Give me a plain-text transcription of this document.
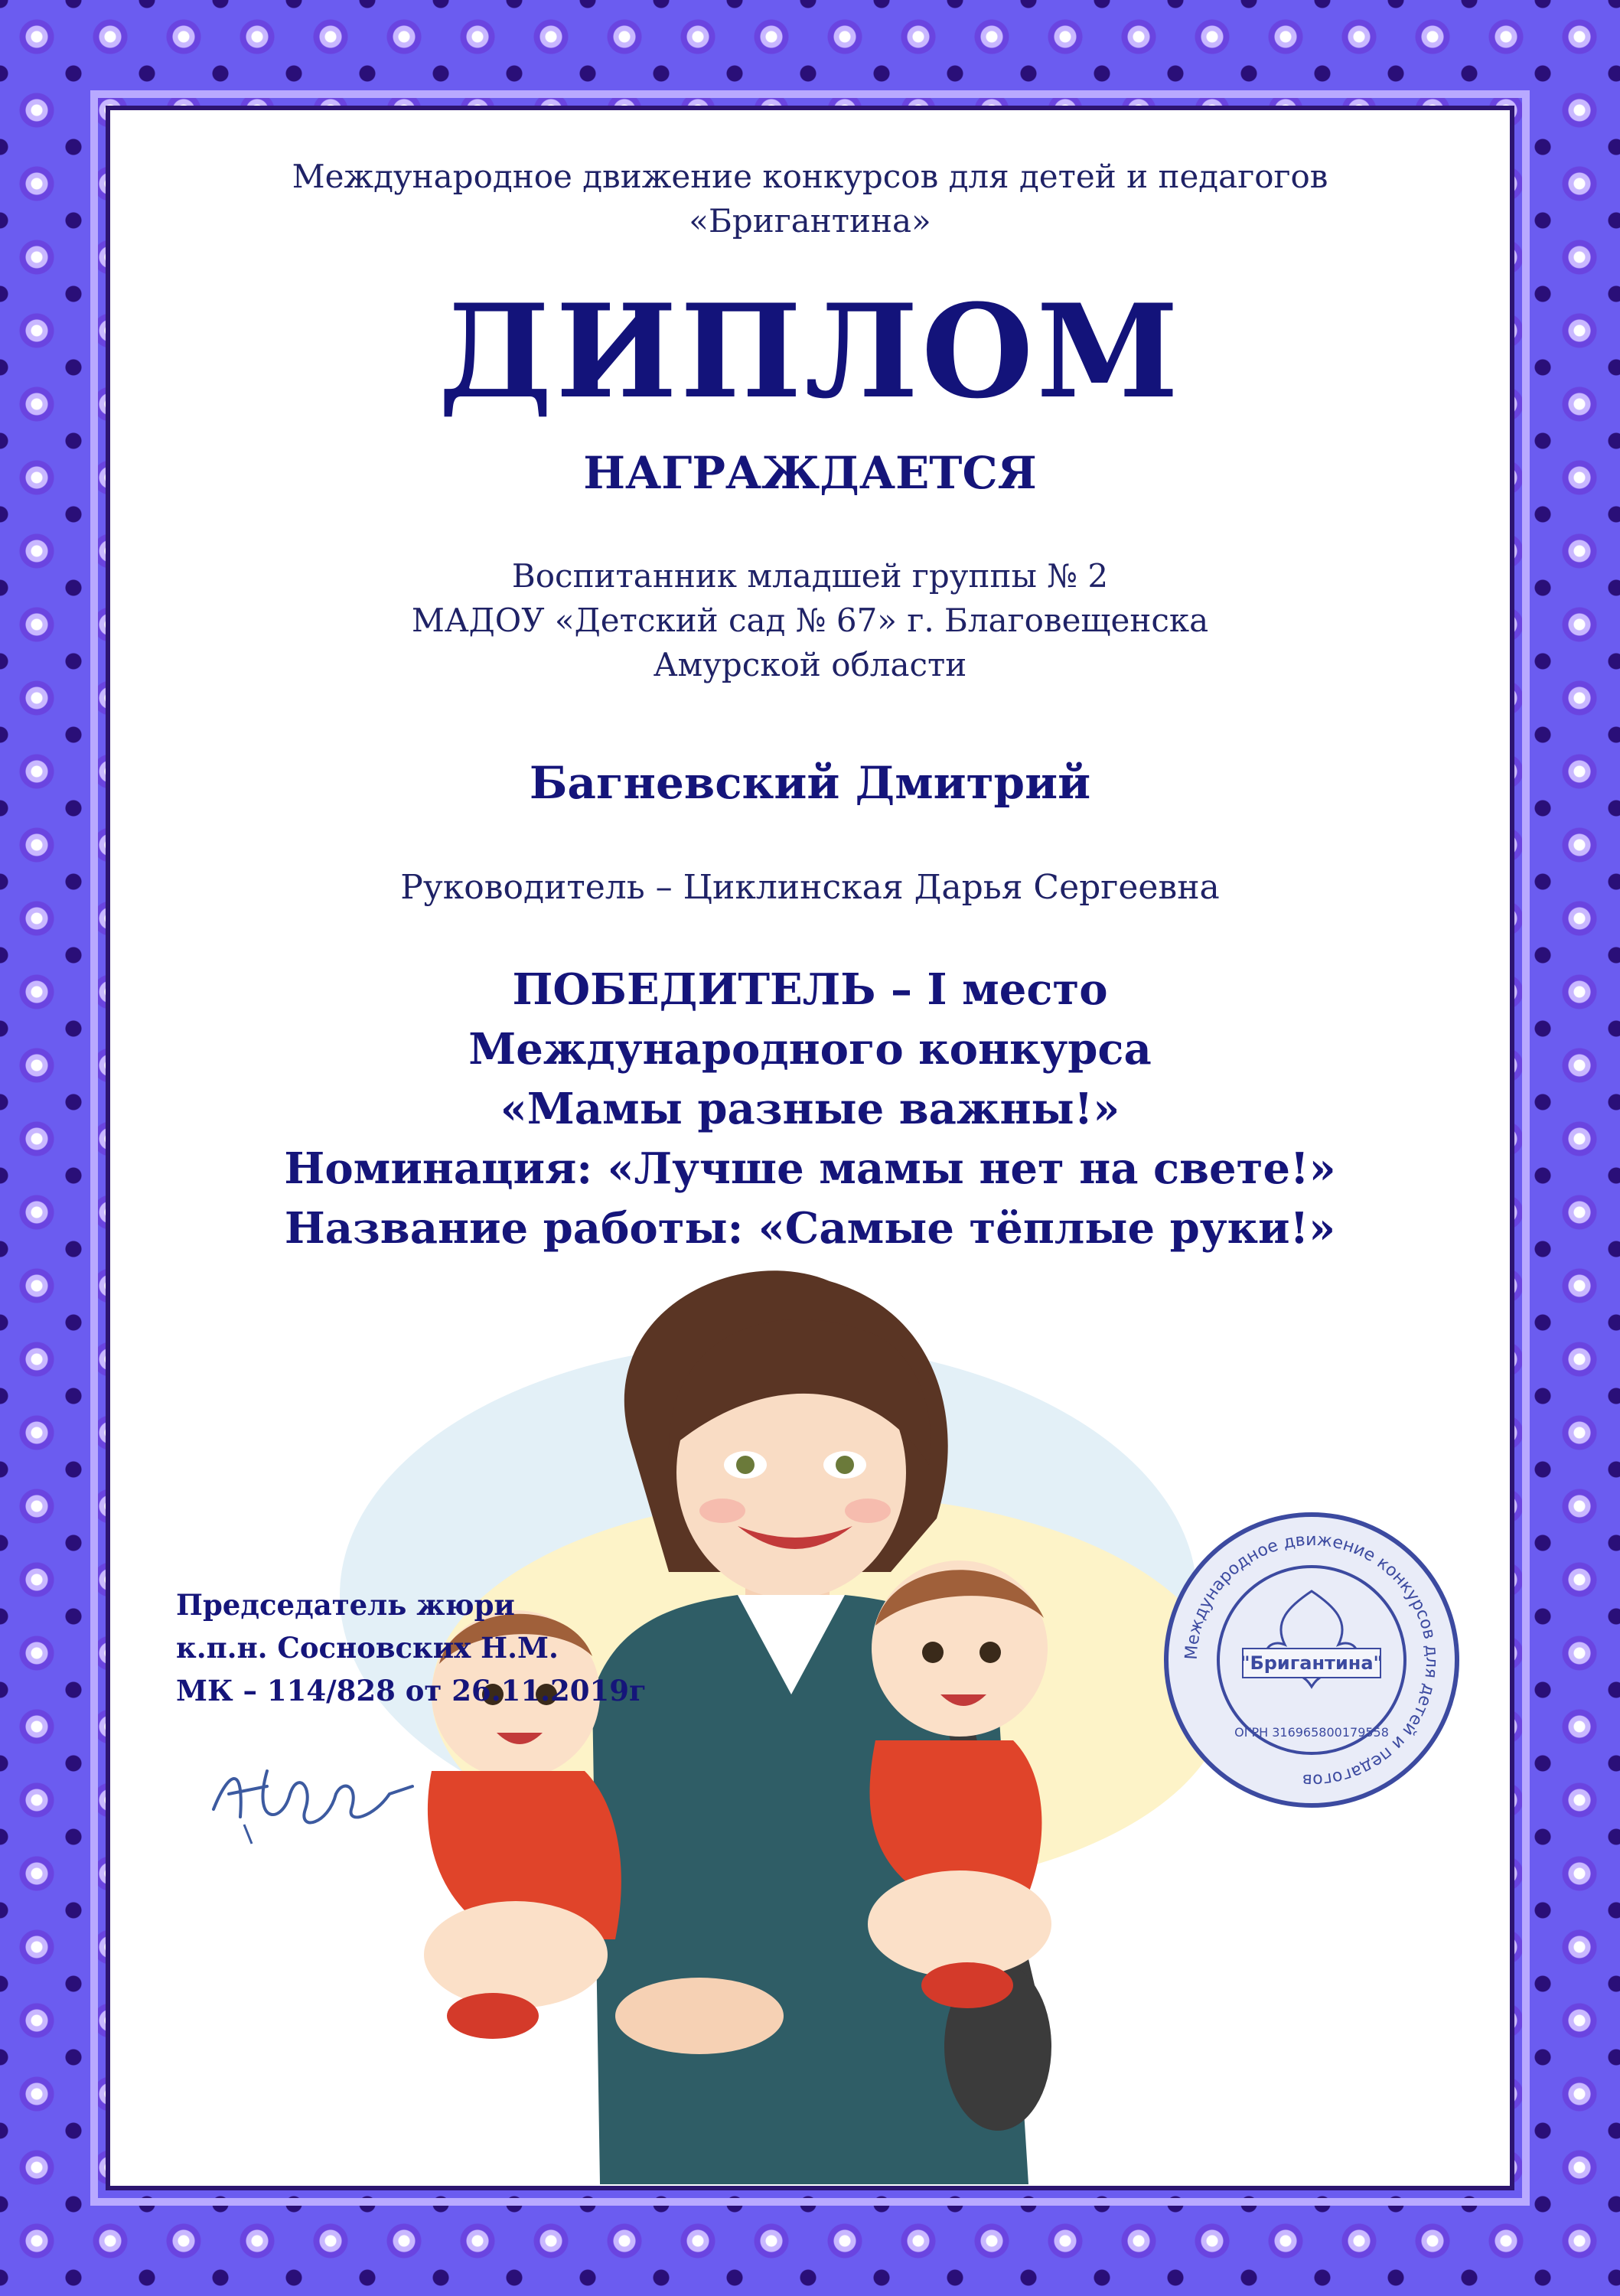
Международное движение конкурсов для детей и педагогов
«Бригантина»
ДИПЛОМ
НАГРАЖДАЕТСЯ
Воспитанник младшей группы № 2
МАДОУ «Детский сад № 67» г. Благовещенска
Амурской области
Багневский Дмитрий
Руководитель – Циклинская Дарья Сергеевна
ПОБЕДИТЕЛЬ – I место
Международного конкурса
«Мамы разные важны!»
Номинация: «Лучше мамы нет на свете!»
Название работы: «Самые тёплые руки!»
Председатель жюри
к.п.н. Сосновских Н.М.
МК – 114/828 от 26.11.2019г
Международное движение конкурсов для детей и педагогов
"Бригантина"
ОГРН 316965800179558
